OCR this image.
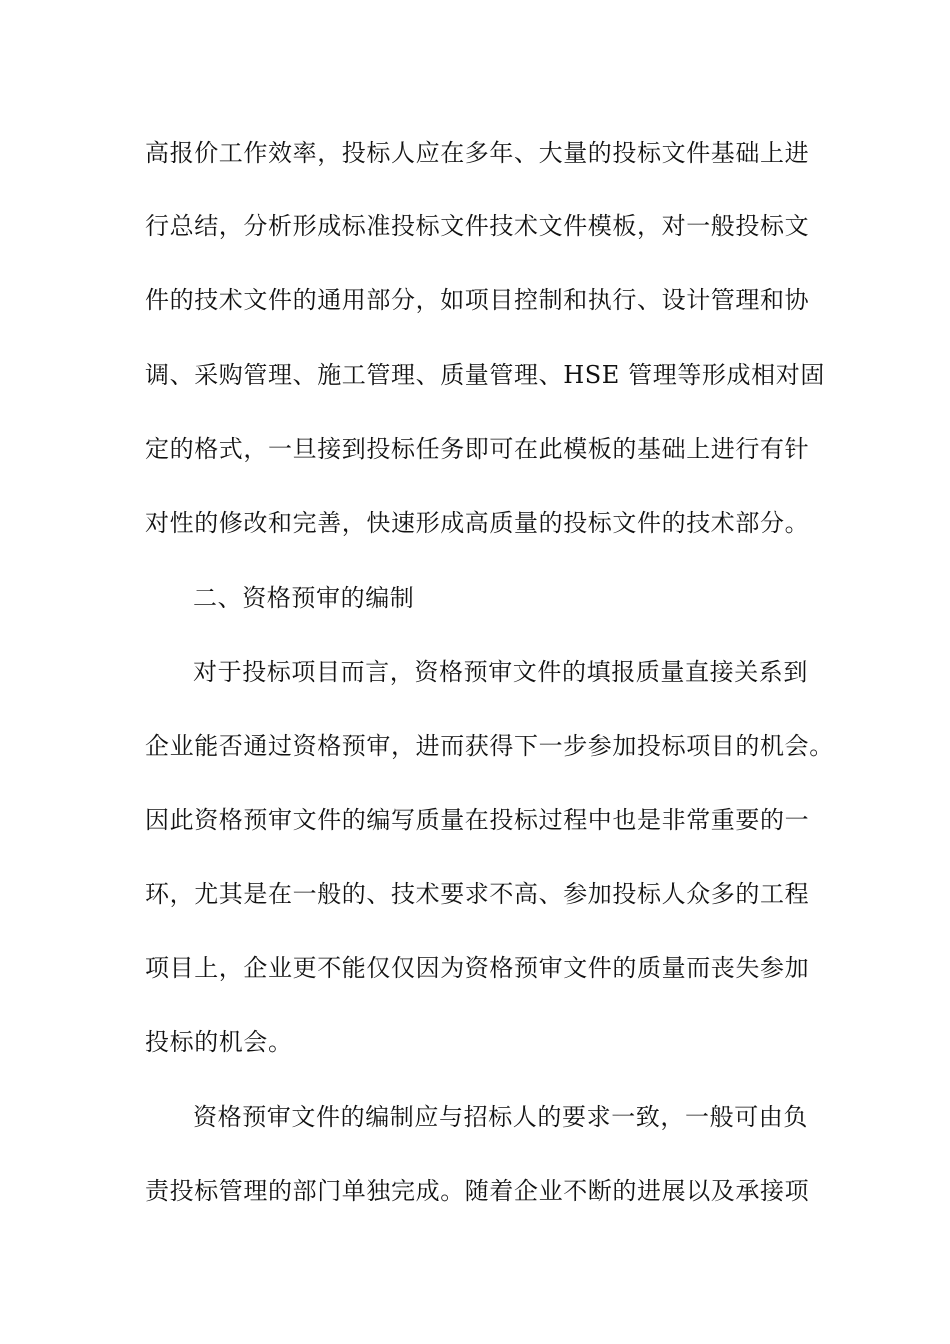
高报价工作效率，投标人应在多年、大量的投标文件基础上进
行总结，分析形成标准投标文件技术文件模板，对一般投标文
件的技术文件的通用部分，如项目控制和执行、设计管理和协
调、采购管理、施工管理、质量管理、HSE 管理等形成相对固
定的格式，一旦接到投标任务即可在此模板的基础上进行有针
对性的修改和完善，快速形成高质量的投标文件的技术部分。
二、资格预审的编制
对于投标项目而言，资格预审文件的填报质量直接关系到
企业能否通过资格预审，进而获得下一步参加投标项目的机会。
因此资格预审文件的编写质量在投标过程中也是非常重要的一
环，尤其是在一般的、技术要求不高、参加投标人众多的工程
项目上，企业更不能仅仅因为资格预审文件的质量而丧失参加
投标的机会。
资格预审文件的编制应与招标人的要求一致，一般可由负
责投标管理的部门单独完成。随着企业不断的进展以及承接项
